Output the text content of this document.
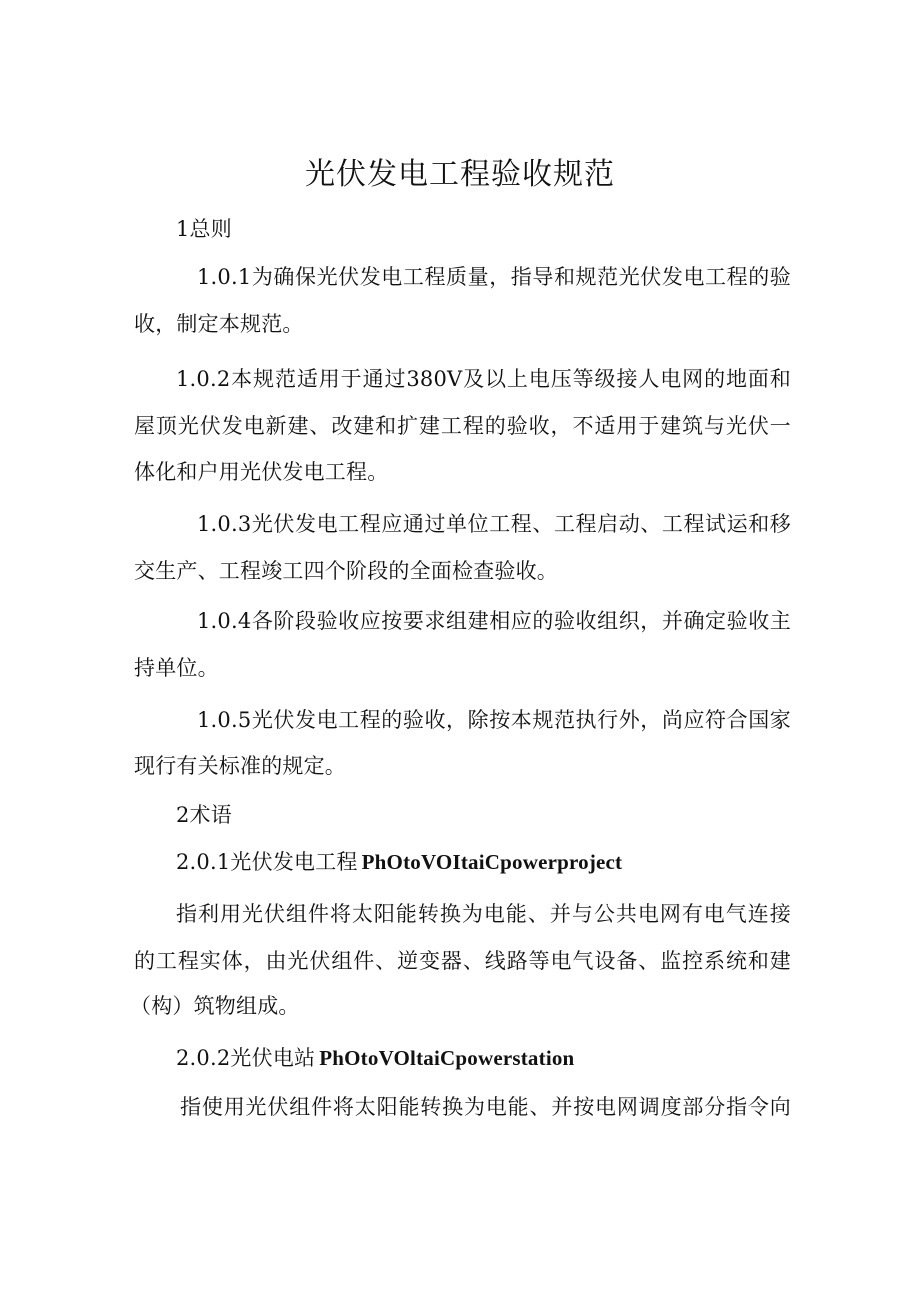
光伏发电工程验收规范
1总则
1.0.1为确保光伏发电工程质量，指导和规范光伏发电工程的验
收，制定本规范。
1.0.2本规范适用于通过380V及以上电压等级接人电网的地面和
屋顶光伏发电新建、改建和扩建工程的验收，不适用于建筑与光伏一
体化和户用光伏发电工程。
1.0.3光伏发电工程应通过单位工程、工程启动、工程试运和移
交生产、工程竣工四个阶段的全面检查验收。
1.0.4各阶段验收应按要求组建相应的验收组织，并确定验收主
持单位。
1.0.5光伏发电工程的验收，除按本规范执行外，尚应符合国家
现行有关标准的规定。
2术语
2.0.1光伏发电工程 PhOtoVOItaiCpowerproject
指利用光伏组件将太阳能转换为电能、并与公共电网有电气连接
的工程实体，由光伏组件、逆变器、线路等电气设备、监控系统和建
（构）筑物组成。
2.0.2光伏电站 PhOtoVOltaiCpowerstation
指使用光伏组件将太阳能转换为电能、并按电网调度部分指令向
